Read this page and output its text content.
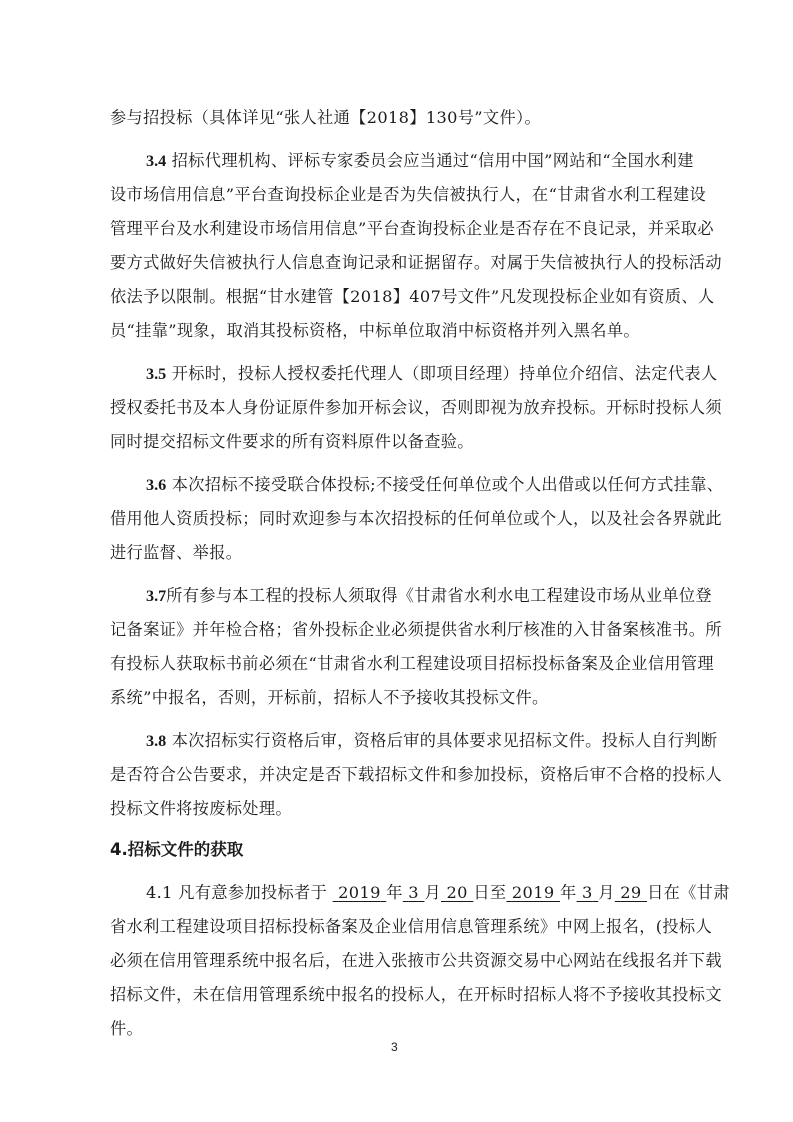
参与招投标（具体详见“张人社通【2018】130号”文件）。
3.4 招标代理机构、评标专家委员会应当通过“信用中国”网站和“全国水利建
设市场信用信息”平台查询投标企业是否为失信被执行人，在“甘肃省水利工程建设
管理平台及水利建设市场信用信息”平台查询投标企业是否存在不良记录，并采取必
要方式做好失信被执行人信息查询记录和证据留存。对属于失信被执行人的投标活动
依法予以限制。根据“甘水建管【2018】407号文件”凡发现投标企业如有资质、人
员“挂靠”现象，取消其投标资格，中标单位取消中标资格并列入黑名单。
3.5 开标时，投标人授权委托代理人（即项目经理）持单位介绍信、法定代表人
授权委托书及本人身份证原件参加开标会议，否则即视为放弃投标。开标时投标人须
同时提交招标文件要求的所有资料原件以备查验。
3.6 本次招标不接受联合体投标;不接受任何单位或个人出借或以任何方式挂靠、
借用他人资质投标；同时欢迎参与本次招投标的任何单位或个人，以及社会各界就此
进行监督、举报。
3.7所有参与本工程的投标人须取得《甘肃省水利水电工程建设市场从业单位登
记备案证》并年检合格；省外投标企业必须提供省水利厅核准的入甘备案核准书。所
有投标人获取标书前必须在“甘肃省水利工程建设项目招标投标备案及企业信用管理
系统”中报名，否则，开标前，招标人不予接收其投标文件。
3.8 本次招标实行资格后审，资格后审的具体要求见招标文件。投标人自行判断
是否符合公告要求，并决定是否下载招标文件和参加投标，资格后审不合格的投标人
投标文件将按废标处理。
4.招标文件的获取
4.1 凡有意参加投标者于 2019 年 3 月 20 日至 2019 年 3 月 29 日在《甘肃
省水利工程建设项目招标投标备案及企业信用信息管理系统》中网上报名，(投标人
必须在信用管理系统中报名后，在进入张掖市公共资源交易中心网站在线报名并下载
招标文件，未在信用管理系统中报名的投标人，在开标时招标人将不予接收其投标文
件。
3
